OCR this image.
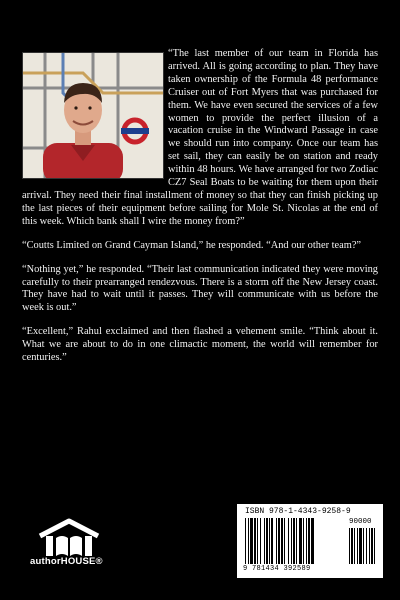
“The last member of our team in Florida has arrived. All is going according to plan. They have taken ownership of the Formula 48 performance Cruiser out of Fort Myers that was purchased for them. We have even secured the services of a few women to provide the perfect illusion of a vacation cruise in the Windward Passage in case we should run into company. Once our team has set sail, they can easily be on station and ready within 48 hours. We have arranged for two Zodiac CZ7 Seal Boats to be waiting for them upon their arrival. They need their final installment of money so that they can finish picking up the last pieces of their equipment before sailing for Mole St. Nicolas at the end of this week. Which bank shall I wire the money from?”

“Coutts Limited on Grand Cayman Island,” he responded. “And our other team?”

“Nothing yet,” he responded. “Their last communication indicated they were moving carefully to their prearranged rendezvous. There is a storm off the New Jersey coast. They have had to wait until it passes. They will communicate with us before the week is out.”

“Excellent,” Rahul exclaimed and then flashed a vehement smile. “Think about it. What we are about to do in one climactic moment, the world will remember for centuries.”

authorHOUSE®
ISBN 978-1-4343-9258-9
90000
9 781434 392589
